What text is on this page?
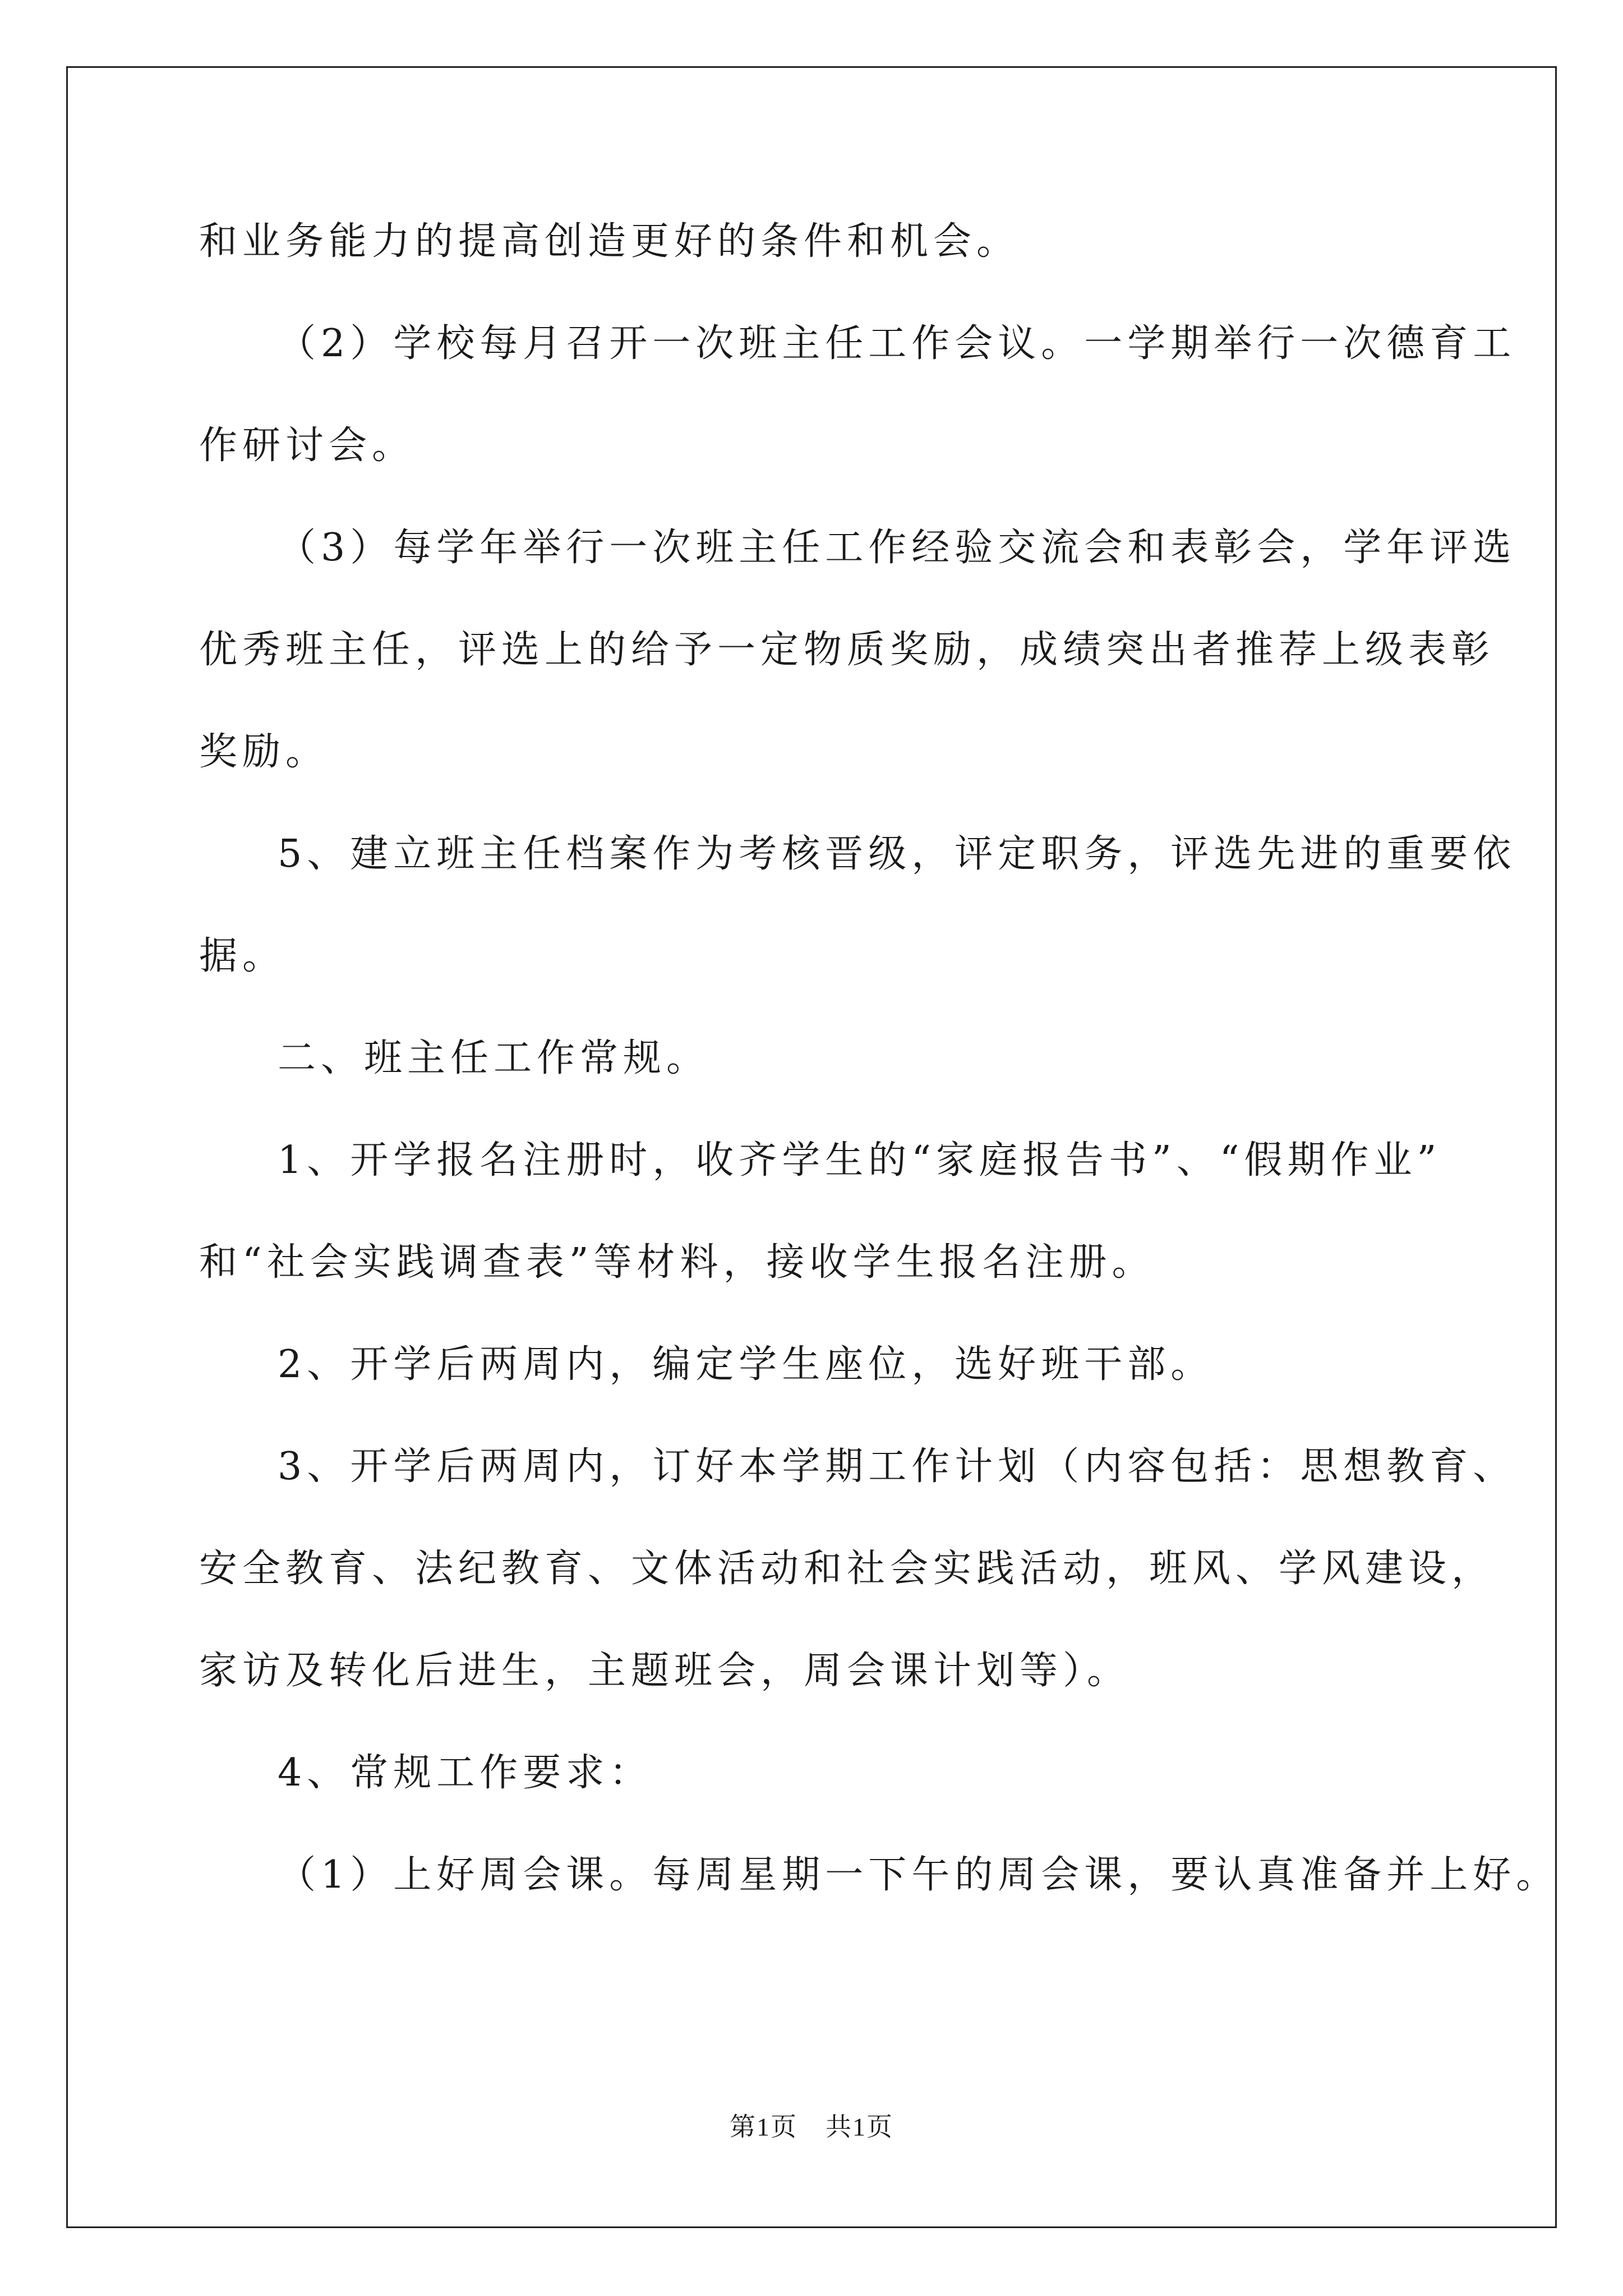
和业务能力的提高创造更好的条件和机会。

（2）学校每月召开一次班主任工作会议。一学期举行一次德育工

作研讨会。

（3）每学年举行一次班主任工作经验交流会和表彰会，学年评选

优秀班主任，评选上的给予一定物质奖励，成绩突出者推荐上级表彰

奖励。

5、建立班主任档案作为考核晋级，评定职务，评选先进的重要依

据。

二、班主任工作常规。

1、开学报名注册时，收齐学生的“家庭报告书”、“假期作业”

和“社会实践调查表”等材料，接收学生报名注册。

2、开学后两周内，编定学生座位，选好班干部。

3、开学后两周内，订好本学期工作计划（内容包括：思想教育、

安全教育、法纪教育、文体活动和社会实践活动，班风、学风建设，

家访及转化后进生，主题班会，周会课计划等）。

4、常规工作要求：

（1）上好周会课。每周星期一下午的周会课，要认真准备并上好。

第1页 共1页
